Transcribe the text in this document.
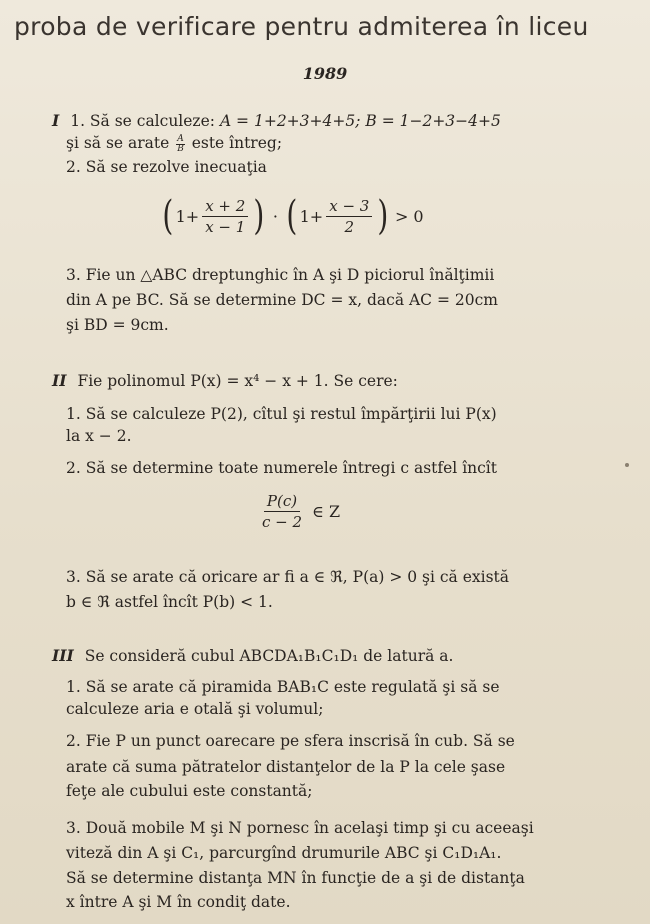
proba de verificare pentru admiterea în liceu
1989
I 1. Să se calculeze: A = 1+2+3+4+5; B = 1−2+3−4+5
şi să se arate $\frac{A}{B}$ este întreg;
2. Să se rezolve inecuaţia
( $1+ \frac{x + 2}{x - 1}$ ) · ( $1+ \frac{x - 3}{2}$ ) > 0
3. Fie un △ABC dreptunghic în A şi D piciorul înălţimii
din A pe BC. Să se determine DC = x, dacă AC = 20cm
şi BD = 9cm.
II Fie polinomul P(x) = x⁴ − x + 1. Se cere:
1. Să se calculeze P(2), cîtul şi restul împărţirii lui P(x)
la x − 2.
2. Să se determine toate numerele întregi c astfel încît
$\frac{P(c)}{c - 2}$ ∈ Z
3. Să se arate că oricare ar fi a ∈ ℜ, P(a) > 0 şi că există
b ∈ ℜ astfel încît P(b) < 1.
III Se consideră cubul ABCDA₁B₁C₁D₁ de latură a.
1. Să se arate că piramida BAB₁C este regulată şi să se
calculeze aria e otală şi volumul;
2. Fie P un punct oarecare pe sfera inscrisă în cub. Să se
arate că suma pătratelor distanţelor de la P la cele şase
feţe ale cubului este constantă;
3. Două mobile M şi N pornesc în acelaşi timp şi cu aceeaşi
viteză din A şi C₁, parcurgînd drumurile ABC şi C₁D₁A₁.
Să se determine distanţa MN în funcţie de a şi de distanţa
x între A şi M în condiţ date.
